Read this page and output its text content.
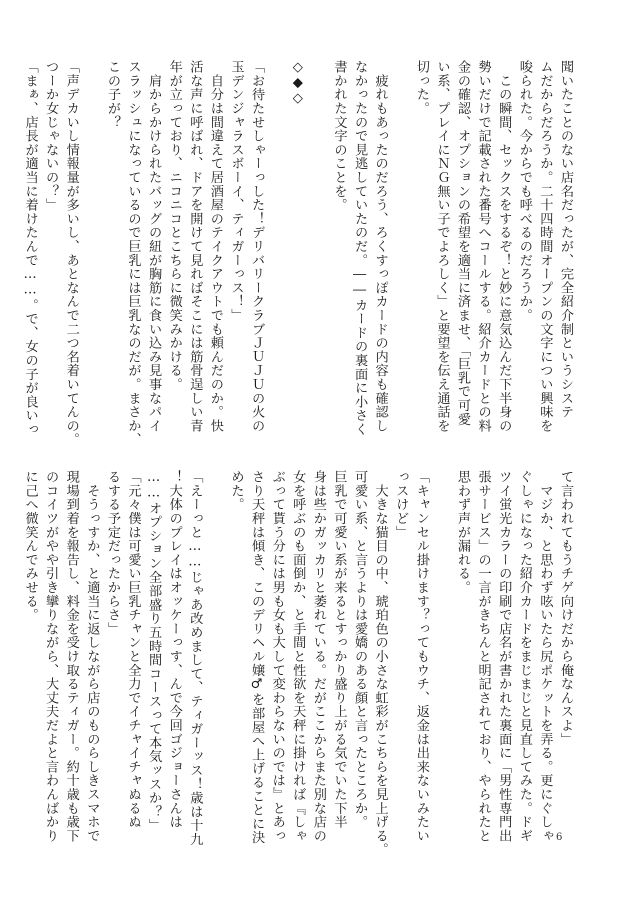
聞いたことのない店名だったが、完全紹介制というシステ
ムだからだろうか。二十四時間オープンの文字につい興味を
唆られた。今からでも呼べるのだろうか。
　この瞬間、セックスをするぞ！と妙に意気込んだ下半身の
勢いだけで記載された番号へコールする。紹介カードとの料
金の確認、オプションの希望を適当に済ませ、「巨乳で可愛
い系、プレイにＮＧ無い子でよろしく」と要望を伝え通話を
切った。

　疲れもあったのだろう、ろくすっぽカードの内容も確認し
なかったので見逃していたのだ。――カードの裏面に小さく
書かれた文字のことを。

◇◆◇

「お待たせしゃーっした！デリバリークラブＪＵＪＵの火の
玉デンジャラスボーイ、ティガーっス！」
　自分は間違えて居酒屋のテイクアウトでも頼んだのか。快
活な声に呼ばれ、ドアを開けて見ればそこには筋骨逞しい青
年が立っており、ニコニコとこちらに微笑みかける。
　肩からかけられたバッグの紐が胸筋に食い込み見事なパイ
スラッシュになっているので巨乳には巨乳なのだが。まさか、
この子が？

「声デカいし情報量が多いし、あとなんで二つ名着いてんの。
つーか女じゃないの？」
「まぁ、店長が適当に着けたんで……。で、女の子が良いっ
て言われてもうチゲ向けだから俺なんスよ」
　マジか、と思わず呟いたら尻ポケットを弄る。更にぐしゃ
ぐしゃになった紹介カードをまじまじと見直してみた。ドギ
ツイ蛍光カラーの印刷で店名が書かれた裏面に「男性専門出
張サービス」の一言がきちんと明記されており、やられたと
思わず声が漏れる。

「キャンセル掛けます？ってもウチ、返金は出来ないみたい
っスけど」
　大きな猫目の中、琥珀色の小さな虹彩がこちらを見上げる。
可愛い系、と言うよりは愛嬌のある顔と言ったところか。
巨乳で可愛い系が来るとすっかり盛り上がる気でいた下半
身は些かガッカリと萎れている。だがここからまた別な店の
女を呼ぶのも面倒か、と手間と性欲を天秤に掛ければ『しゃ
ぶって貰う分には男も女も大して変わらないのでは』とあっ
さり天秤は傾き、このデリヘル嬢♂を部屋へ上げることに決
めた。

「えーっと……じゃあ改めまして、ティガーッス！歳は十九
！大体のプレイはオッケーっす、んで今回ゴジョーさんは
……オプション全部盛り五時間コースって本気ッスか？」
「元々僕は可愛い巨乳チャンと全力でイチャイチャぬるぬ
るする予定だったからさ」
　そうっすか、と適当に返しながら店のものらしきスマホで
現場到着を報告し、料金を受け取るティガー。約十歳も歳下
のコイツがやや引き攣りながら、大丈夫だよと言わんばかり
に己へ微笑んでみせる。
6
